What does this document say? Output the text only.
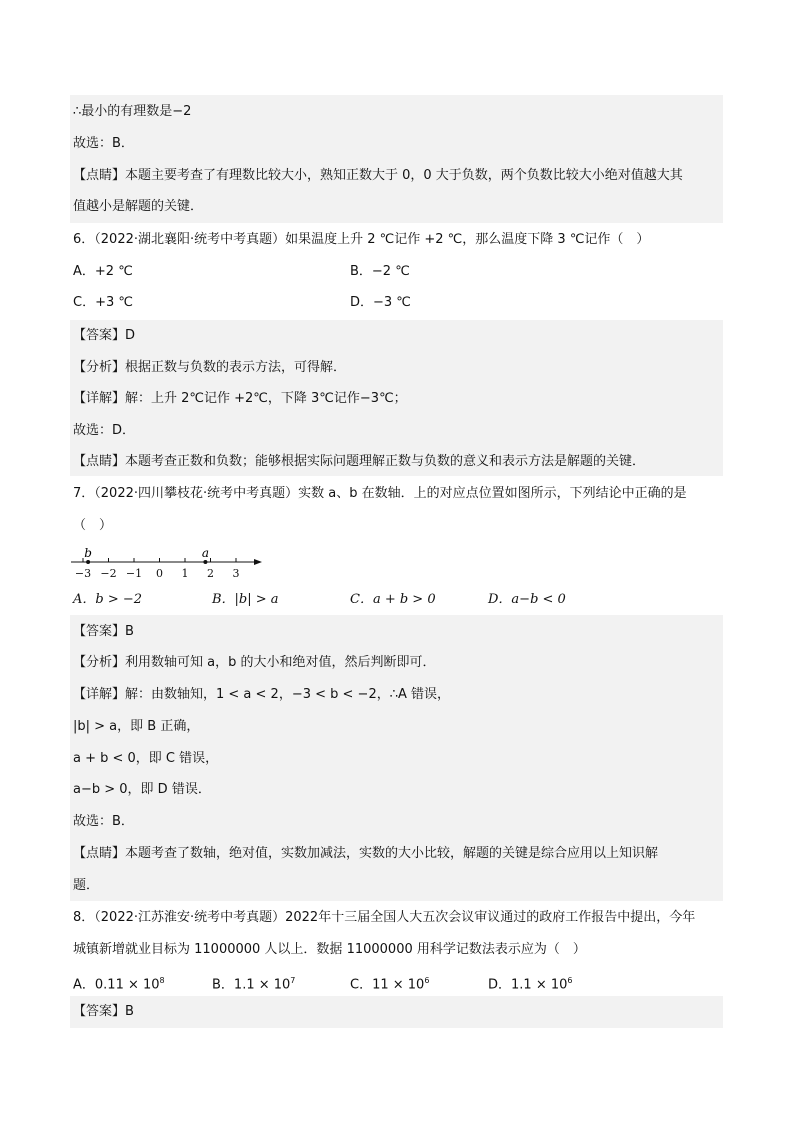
∴最小的有理数是−2
故选：B．
【点睛】本题主要考查了有理数比较大小，熟知正数大于 0，0 大于负数，两个负数比较大小绝对值越大其
值越小是解题的关键．
6．（2022·湖北襄阳·统考中考真题）如果温度上升 2 ℃记作 +2 ℃，那么温度下降 3 ℃记作（　）
A．+2 ℃	B．−2 ℃
C．+3 ℃	D．−3 ℃
【答案】D
【分析】根据正数与负数的表示方法，可得解．
【详解】解：上升 2℃记作 +2℃，下降 3℃记作−3℃；
故选：D．
【点睛】本题考查正数和负数；能够根据实际问题理解正数与负数的意义和表示方法是解题的关键．
7．（2022·四川攀枝花·统考中考真题）实数 a、b 在数轴．上的对应点位置如图所示，下列结论中正确的是
（　）
−3 −2 −1 0 1 2 3
b	a
A．b > −2	B．|b| > a	C．a + b > 0	D．a−b < 0
【答案】B
【分析】利用数轴可知 a，b 的大小和绝对值，然后判断即可．
【详解】解：由数轴知，1 < a < 2，−3 < b < −2，∴A 错误，
|b| > a，即 B 正确，
a + b < 0，即 C 错误，
a−b > 0，即 D 错误．
故选：B．
【点睛】本题考查了数轴，绝对值，实数加减法，实数的大小比较，解题的关键是综合应用以上知识解
题．
8．（2022·江苏淮安·统考中考真题）2022年十三届全国人大五次会议审议通过的政府工作报告中提出，今年
城镇新增就业目标为 11000000 人以上．数据 11000000 用科学记数法表示应为（　）
A．$0.11 \times 10^8$	B．$1.1 \times 10^7$	C．$11 \times 10^6$	D．$1.1 \times 10^6$
【答案】B
